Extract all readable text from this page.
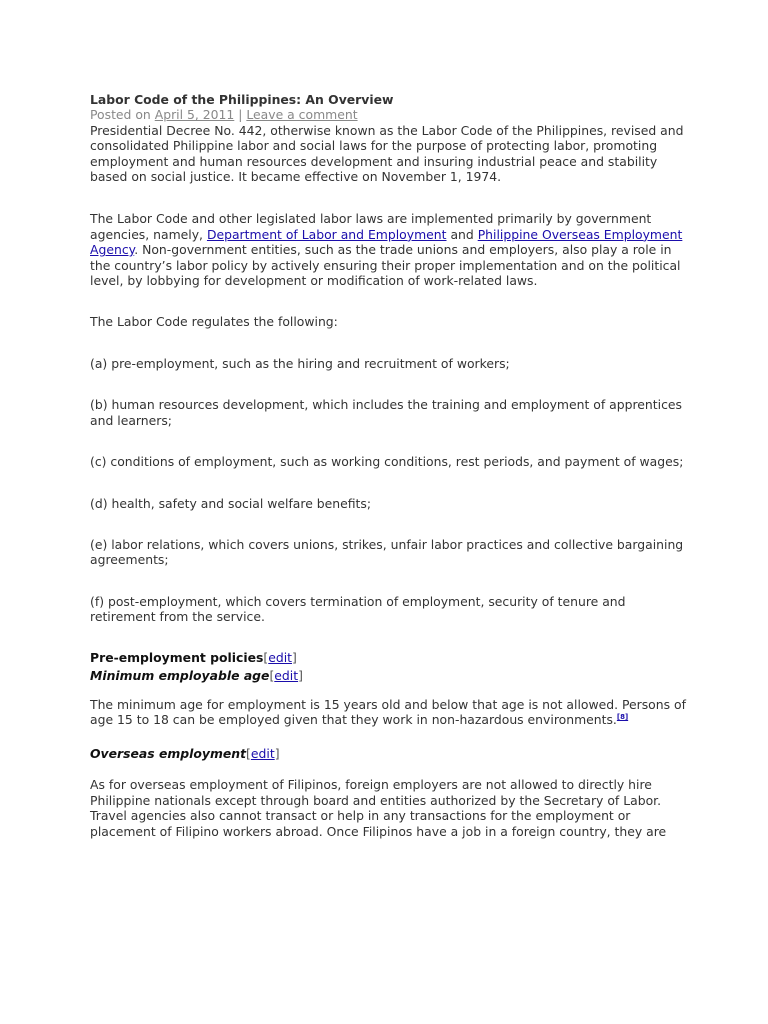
Labor Code of the Philippines: An Overview

Posted on April 5, 2011 | Leave a comment

Presidential Decree No. 442, otherwise known as the Labor Code of the Philippines, revised and consolidated Philippine labor and social laws for the purpose of protecting labor, promoting employment and human resources development and insuring industrial peace and stability based on social justice. It became effective on November 1, 1974.

The Labor Code and other legislated labor laws are implemented primarily by government agencies, namely, Department of Labor and Employment and Philippine Overseas Employment Agency. Non-government entities, such as the trade unions and employers, also play a role in the country’s labor policy by actively ensuring their proper implementation and on the political level, by lobbying for development or modification of work-related laws.

The Labor Code regulates the following:

(a) pre-employment, such as the hiring and recruitment of workers;

(b) human resources development, which includes the training and employment of apprentices and learners;

(c) conditions of employment, such as working conditions, rest periods, and payment of wages;

(d) health, safety and social welfare benefits;

(e) labor relations, which covers unions, strikes, unfair labor practices and collective bargaining agreements;

(f) post-employment, which covers termination of employment, security of tenure and retirement from the service.

Pre-employment policies[edit]
Minimum employable age[edit]

The minimum age for employment is 15 years old and below that age is not allowed. Persons of age 15 to 18 can be employed given that they work in non-hazardous environments.[8]

Overseas employment[edit]

As for overseas employment of Filipinos, foreign employers are not allowed to directly hire Philippine nationals except through board and entities authorized by the Secretary of Labor. Travel agencies also cannot transact or help in any transactions for the employment or placement of Filipino workers abroad. Once Filipinos have a job in a foreign country, they are
